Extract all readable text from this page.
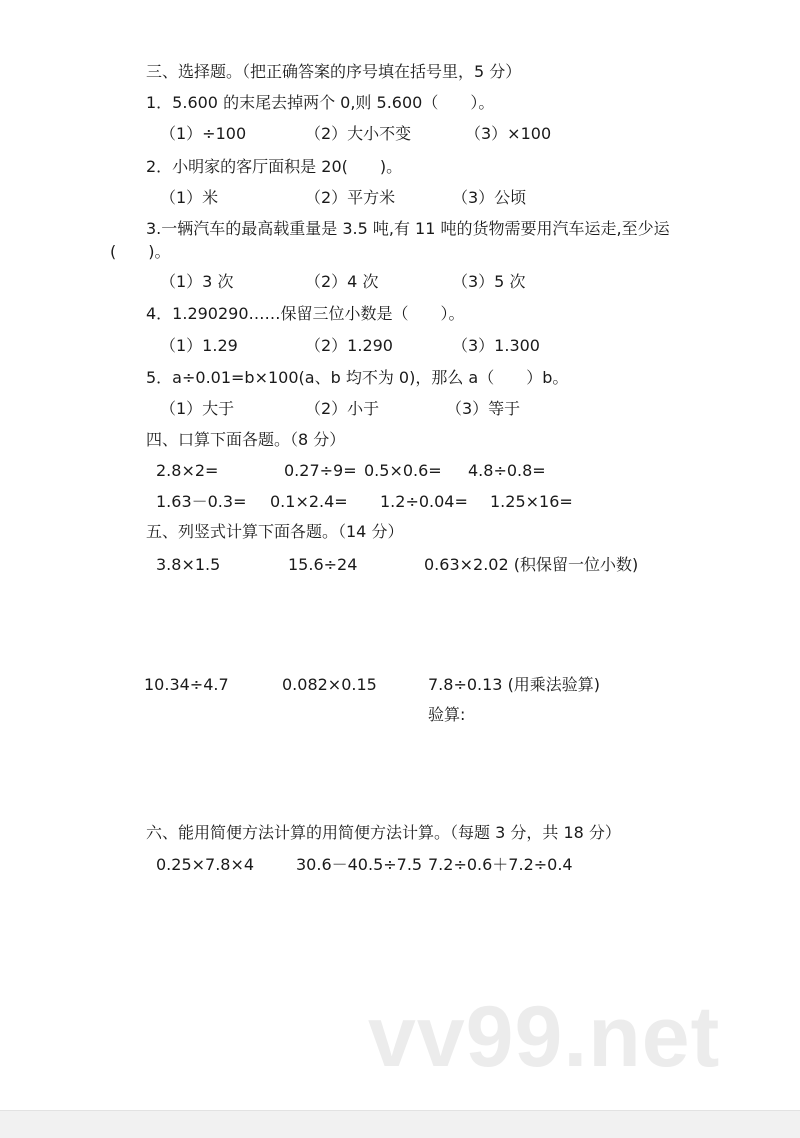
三、选择题。（把正确答案的序号填在括号里，5 分）
1．5.600 的末尾去掉两个 0,则 5.600（　　）。
（1）÷100	（2）大小不变	（3）×100
2．小明家的客厅面积是 20(　　)。
（1）米	（2）平方米	（3）公顷
3.一辆汽车的最高载重量是 3.5 吨,有 11 吨的货物需要用汽车运走,至少运
(　　)。
（1）3 次	（2）4 次	（3）5 次
4．1.290290……保留三位小数是（　　）。
（1）1.29	（2）1.290	（3）1.300
5．a÷0.01=b×100(a、b 均不为 0)，那么 a（　　）b。
（1）大于	（2）小于	（3）等于
四、口算下面各题。（8 分）
2.8×2=	0.27÷9= 0.5×0.6= 4.8÷0.8=
1.63－0.3= 0.1×2.4= 1.2÷0.04= 1.25×16=
五、列竖式计算下面各题。（14 分）
3.8×1.5	15.6÷24	0.63×2.02 (积保留一位小数)
10.34÷4.7	0.082×0.15	7.8÷0.13 (用乘法验算)
验算:
六、能用简便方法计算的用简便方法计算。（每题 3 分，共 18 分）
0.25×7.8×4	30.6－40.5÷7.5 7.2÷0.6＋7.2÷0.4
vv99.net
